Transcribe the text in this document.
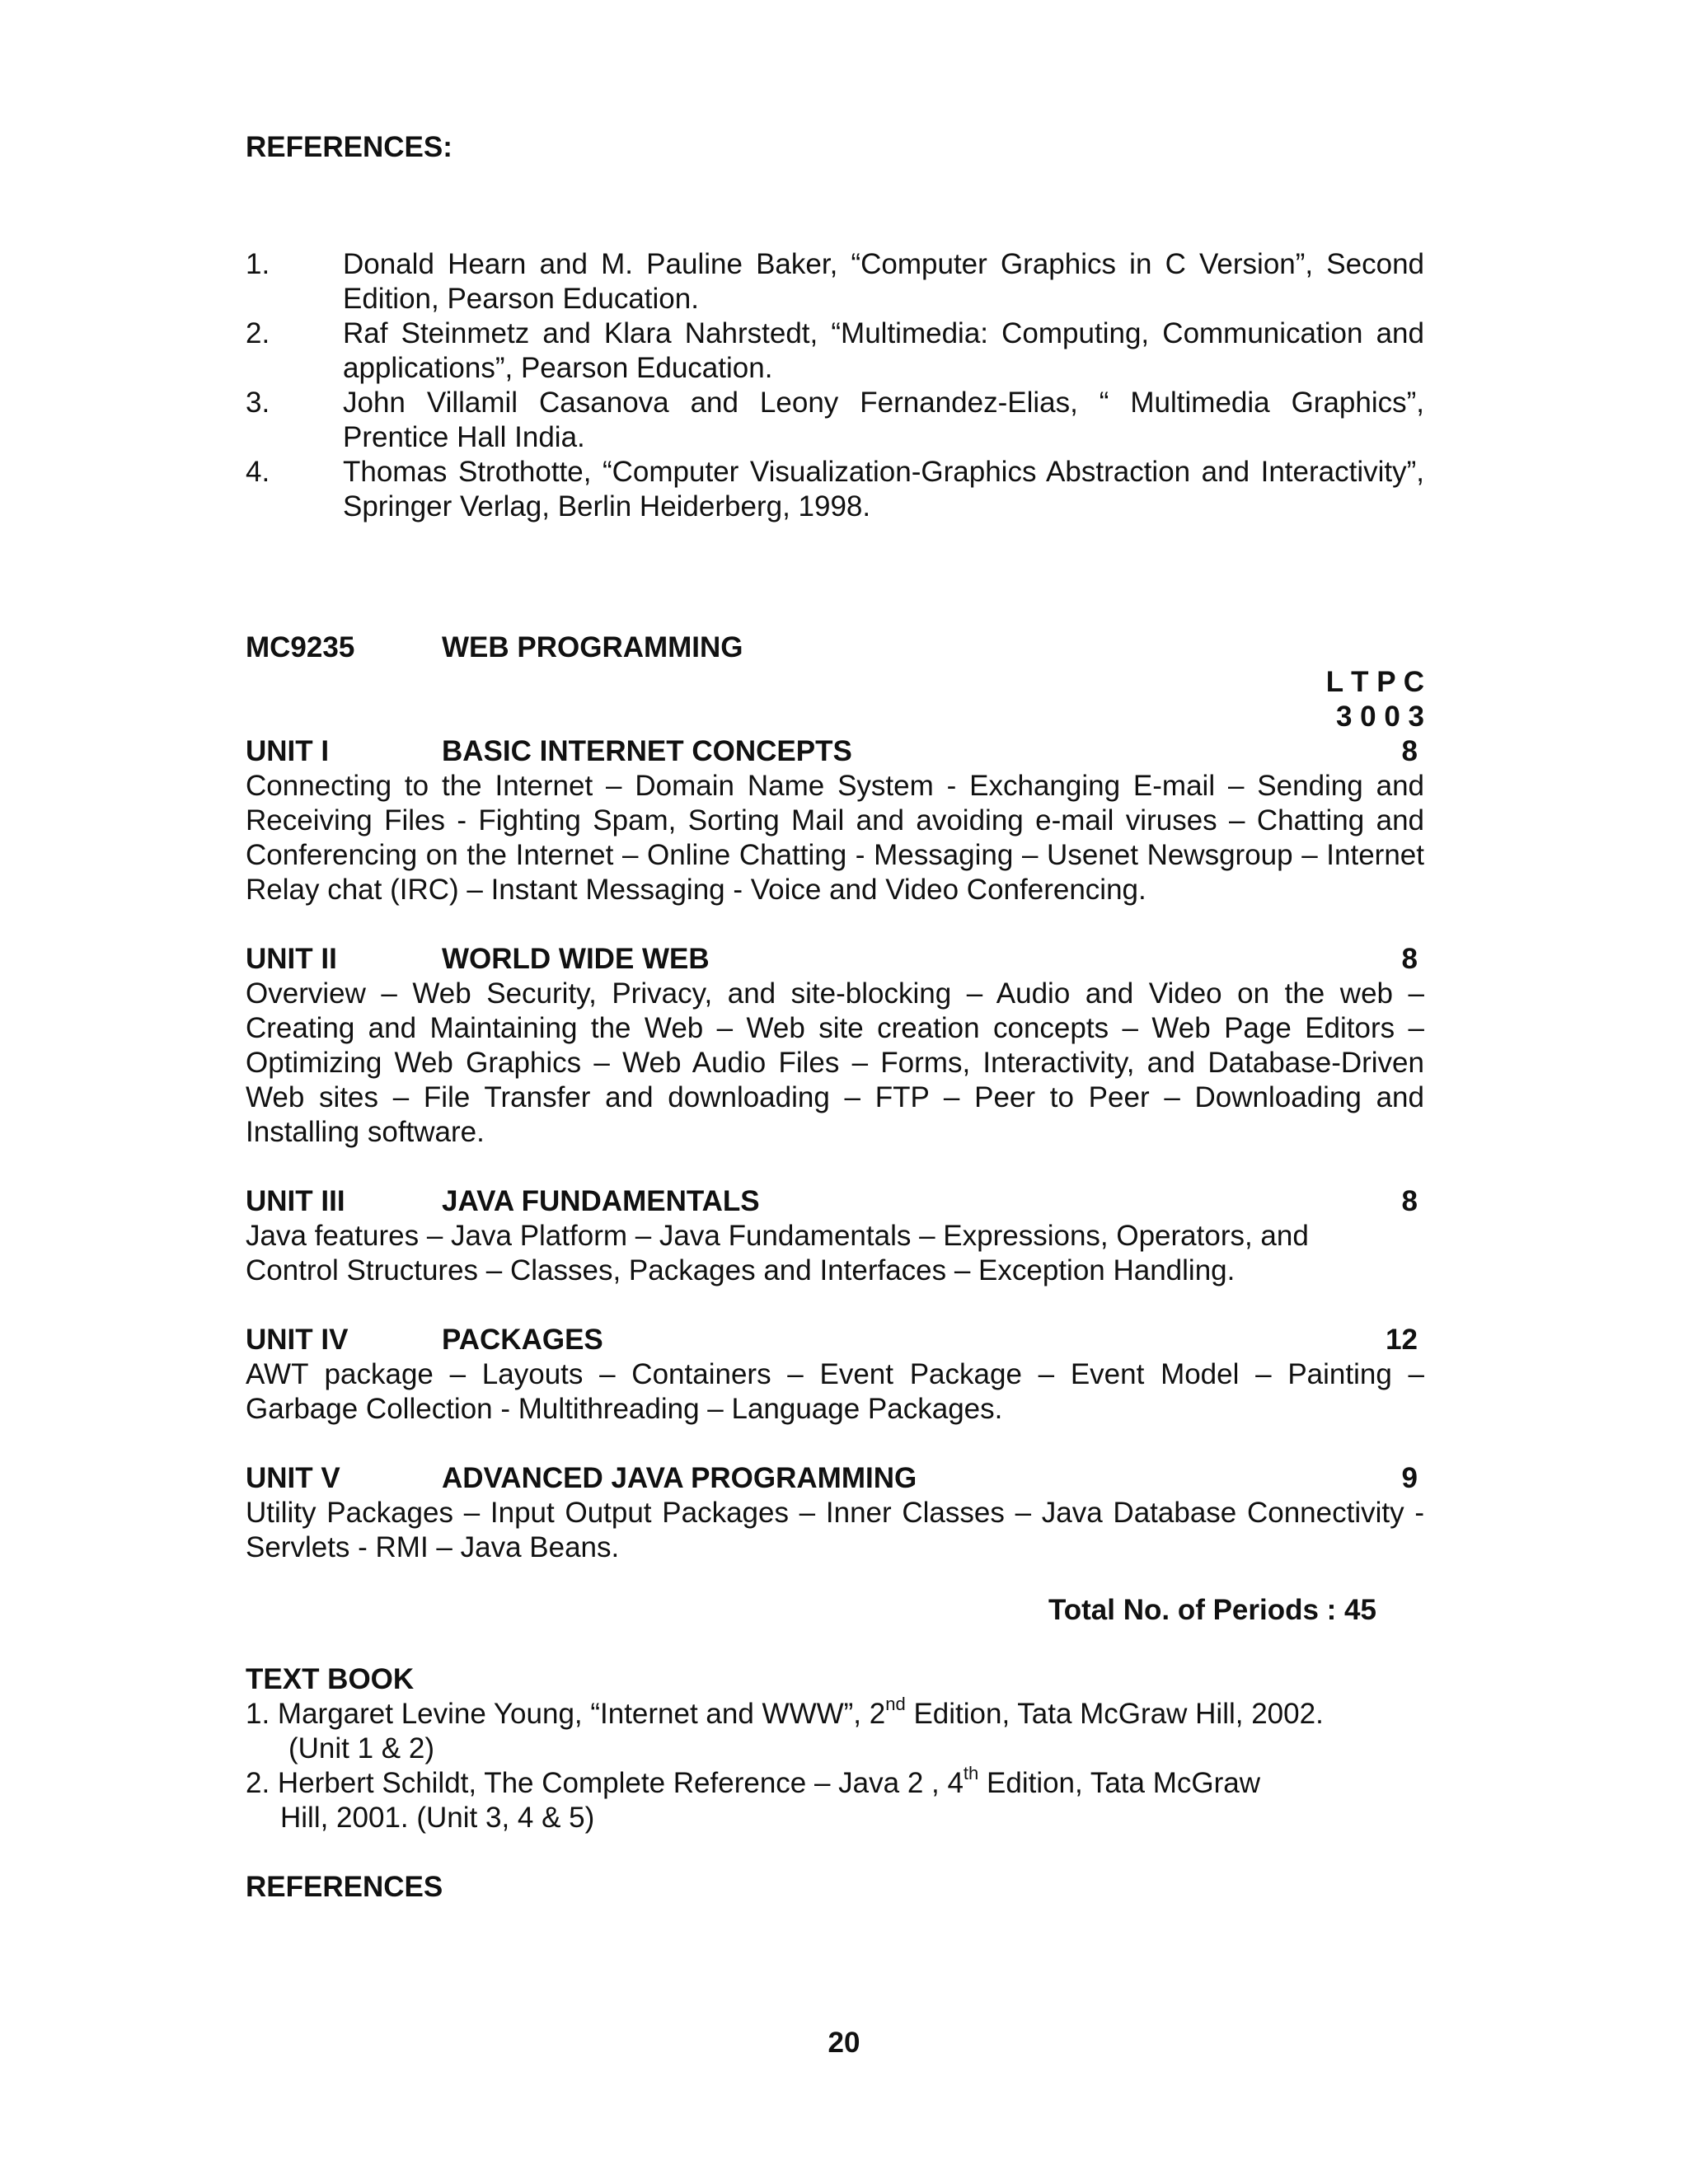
REFERENCES:
1.	Donald Hearn and M. Pauline Baker, “Computer Graphics in C Version”, Second Edition, Pearson Education.
2.	Raf Steinmetz and Klara Nahrstedt, “Multimedia: Computing, Communication and applications”, Pearson Education.
3.	John Villamil Casanova and Leony Fernandez-Elias, “ Multimedia Graphics”, Prentice Hall India.
4.	Thomas Strothotte, “Computer Visualization-Graphics Abstraction and Interactivity”, Springer Verlag, Berlin Heiderberg, 1998.
MC9235	WEB PROGRAMMING
L T P C
3 0 0 3
UNIT I	BASIC INTERNET CONCEPTS	8
Connecting to the Internet – Domain Name System - Exchanging E-mail – Sending and Receiving Files - Fighting Spam, Sorting Mail and avoiding e-mail viruses – Chatting and Conferencing on the Internet – Online Chatting - Messaging – Usenet Newsgroup – Internet Relay chat (IRC) – Instant Messaging - Voice and Video Conferencing.
UNIT II	WORLD WIDE WEB	8
Overview – Web Security, Privacy, and site-blocking – Audio and Video on the web – Creating and Maintaining the Web – Web site creation concepts – Web Page Editors – Optimizing Web Graphics – Web Audio Files – Forms, Interactivity, and Database-Driven Web sites – File Transfer and downloading – FTP – Peer to Peer – Downloading and Installing software.
UNIT III	JAVA FUNDAMENTALS	8
Java features – Java Platform – Java Fundamentals – Expressions, Operators, and
Control Structures – Classes, Packages and Interfaces – Exception Handling.
UNIT IV	PACKAGES	12
AWT package – Layouts – Containers – Event Package – Event Model – Painting – Garbage Collection - Multithreading – Language Packages.
UNIT V	ADVANCED JAVA PROGRAMMING	9
Utility Packages – Input Output Packages – Inner Classes – Java Database Connectivity - Servlets - RMI – Java Beans.
Total No. of Periods : 45
TEXT BOOK
1. Margaret Levine Young, “Internet and WWW”, 2nd Edition, Tata McGraw Hill, 2002.
(Unit 1 & 2)
2. Herbert Schildt, The Complete Reference – Java 2 , 4th Edition, Tata McGraw
Hill, 2001. (Unit 3, 4 & 5)
REFERENCES
20
